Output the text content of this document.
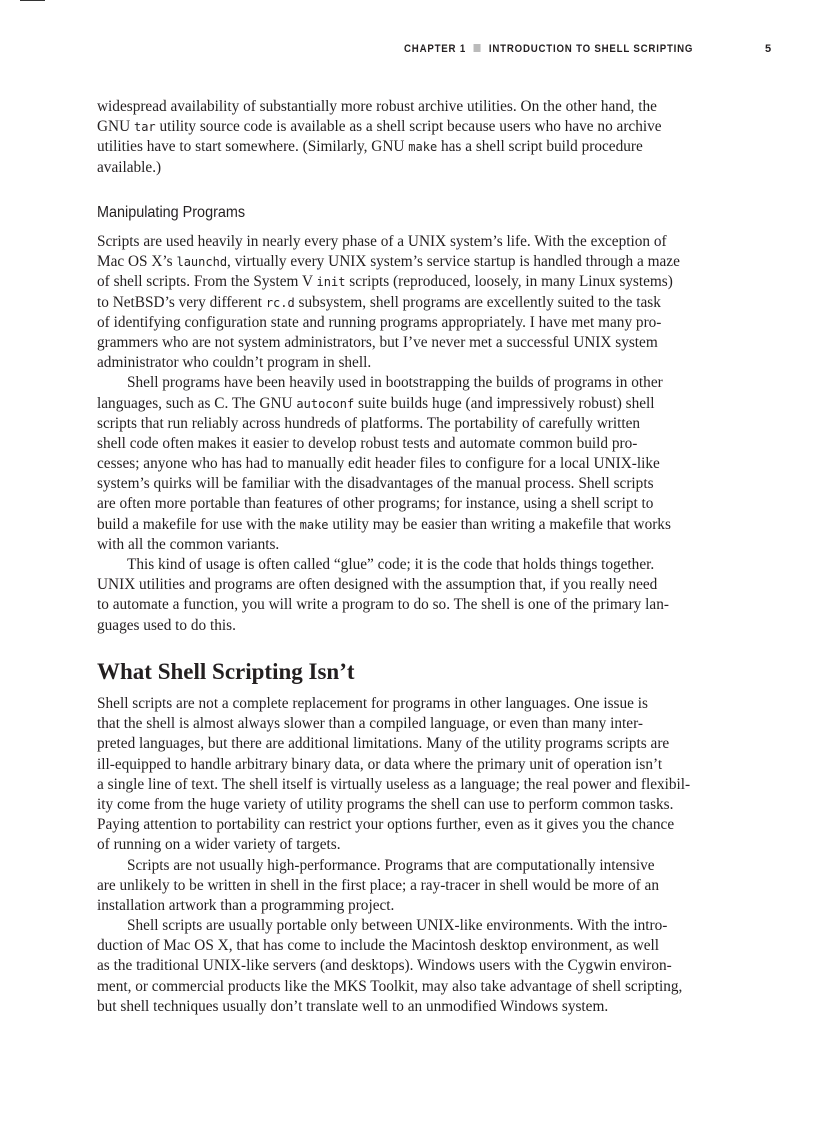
CHAPTER 1 INTRODUCTION TO SHELL SCRIPTING	5
widespread availability of substantially more robust archive utilities. On the other hand, the
GNU tar utility source code is available as a shell script because users who have no archive
utilities have to start somewhere. (Similarly, GNU make has a shell script build procedure
available.)
Manipulating Programs
Scripts are used heavily in nearly every phase of a UNIX system’s life. With the exception of
Mac OS X’s launchd, virtually every UNIX system’s service startup is handled through a maze
of shell scripts. From the System V init scripts (reproduced, loosely, in many Linux systems)
to NetBSD’s very different rc.d subsystem, shell programs are excellently suited to the task
of identifying configuration state and running programs appropriately. I have met many pro-
grammers who are not system administrators, but I’ve never met a successful UNIX system
administrator who couldn’t program in shell.
Shell programs have been heavily used in bootstrapping the builds of programs in other
languages, such as C. The GNU autoconf suite builds huge (and impressively robust) shell
scripts that run reliably across hundreds of platforms. The portability of carefully written
shell code often makes it easier to develop robust tests and automate common build pro-
cesses; anyone who has had to manually edit header files to configure for a local UNIX-like
system’s quirks will be familiar with the disadvantages of the manual process. Shell scripts
are often more portable than features of other programs; for instance, using a shell script to
build a makefile for use with the make utility may be easier than writing a makefile that works
with all the common variants.
This kind of usage is often called “glue” code; it is the code that holds things together.
UNIX utilities and programs are often designed with the assumption that, if you really need
to automate a function, you will write a program to do so. The shell is one of the primary lan-
guages used to do this.
What Shell Scripting Isn’t
Shell scripts are not a complete replacement for programs in other languages. One issue is
that the shell is almost always slower than a compiled language, or even than many inter-
preted languages, but there are additional limitations. Many of the utility programs scripts are
ill-equipped to handle arbitrary binary data, or data where the primary unit of operation isn’t
a single line of text. The shell itself is virtually useless as a language; the real power and flexibil-
ity come from the huge variety of utility programs the shell can use to perform common tasks.
Paying attention to portability can restrict your options further, even as it gives you the chance
of running on a wider variety of targets.
Scripts are not usually high-performance. Programs that are computationally intensive
are unlikely to be written in shell in the first place; a ray-tracer in shell would be more of an
installation artwork than a programming project.
Shell scripts are usually portable only between UNIX-like environments. With the intro-
duction of Mac OS X, that has come to include the Macintosh desktop environment, as well
as the traditional UNIX-like servers (and desktops). Windows users with the Cygwin environ-
ment, or commercial products like the MKS Toolkit, may also take advantage of shell scripting,
but shell techniques usually don’t translate well to an unmodified Windows system.
